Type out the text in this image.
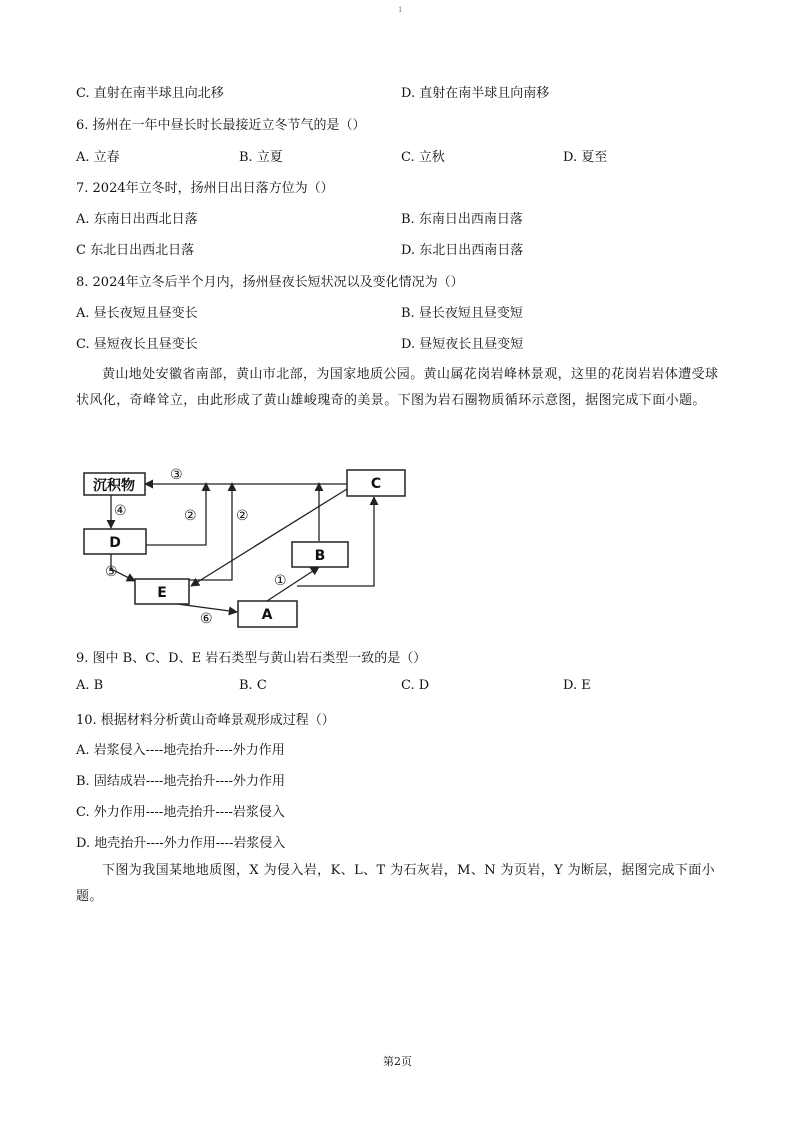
1
C. 直射在南半球且向北移	D. 直射在南半球且向南移
6. 扬州在一年中昼长时长最接近立冬节气的是（）
A. 立春	B. 立夏	C. 立秋	D. 夏至
7. 2024年立冬时，扬州日出日落方位为（）
A. 东南日出西北日落	B. 东南日出西南日落
C 东北日出西北日落	D. 东北日出西南日落
8. 2024年立冬后半个月内，扬州昼夜长短状况以及变化情况为（）
A. 昼长夜短且昼变长	B. 昼长夜短且昼变短
C. 昼短夜长且昼变长	D. 昼短夜长且昼变短
黄山地处安徽省南部，黄山市北部，为国家地质公园。黄山属花岗岩峰林景观，这里的花岗岩岩体遭受球状风化，奇峰耸立，由此形成了黄山雄峻瑰奇的美景。下图为岩石圈物质循环示意图，据图完成下面小题。
沉积物	C
D
B
E
A
③
④	②	②
⑤
⑥
①
9. 图中 B、C、D、E 岩石类型与黄山岩石类型一致的是（）
A. B	B. C	C. D	D. E
10. 根据材料分析黄山奇峰景观形成过程（）
A. 岩浆侵入----地壳抬升----外力作用
B. 固结成岩----地壳抬升----外力作用
C. 外力作用----地壳抬升----岩浆侵入
D. 地壳抬升----外力作用----岩浆侵入
下图为我国某地地质图，X 为侵入岩，K、L、T 为石灰岩，M、N 为页岩，Y 为断层，据图完成下面小题。
第2页
